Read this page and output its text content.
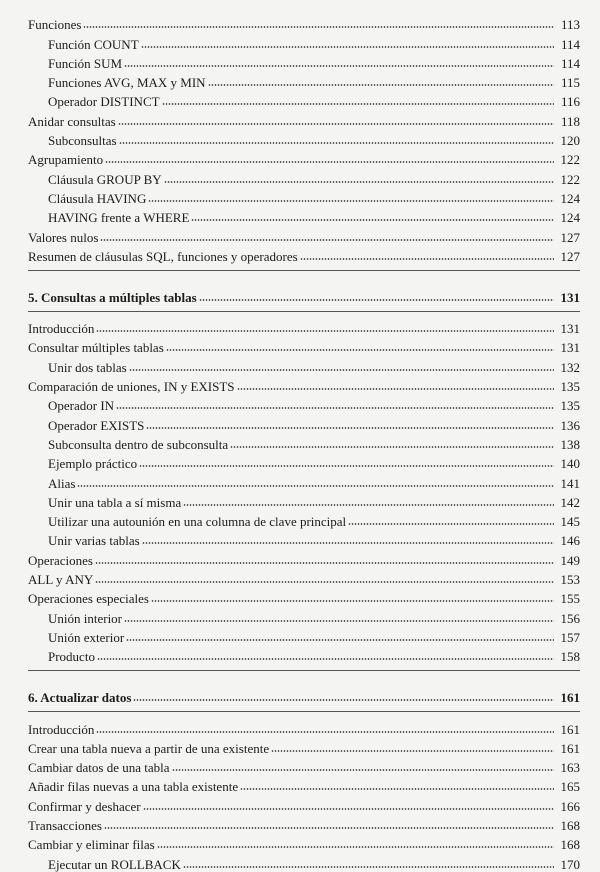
Funciones	113
Función COUNT	114
Función SUM	114
Funciones AVG, MAX y MIN	115
Operador DISTINCT	116
Anidar consultas	118
Subconsultas	120
Agrupamiento	122
Cláusula GROUP BY	122
Cláusula HAVING	124
HAVING frente a WHERE	124
Valores nulos	127
Resumen de cláusulas SQL, funciones y operadores	127
5. Consultas a múltiples tablas	131
Introducción	131
Consultar múltiples tablas	131
Unir dos tablas	132
Comparación de uniones, IN y EXISTS	135
Operador IN	135
Operador EXISTS	136
Subconsulta dentro de subconsulta	138
Ejemplo práctico	140
Alias	141
Unir una tabla a sí misma	142
Utilizar una autounión en una columna de clave principal	145
Unir varias tablas	146
Operaciones	149
ALL y ANY	153
Operaciones especiales	155
Unión interior	156
Unión exterior	157
Producto	158
6. Actualizar datos	161
Introducción	161
Crear una tabla nueva a partir de una existente	161
Cambiar datos de una tabla	163
Añadir filas nuevas a una tabla existente	165
Confirmar y deshacer	166
Transacciones	168
Cambiar y eliminar filas	168
Ejecutar un ROLLBACK	170
